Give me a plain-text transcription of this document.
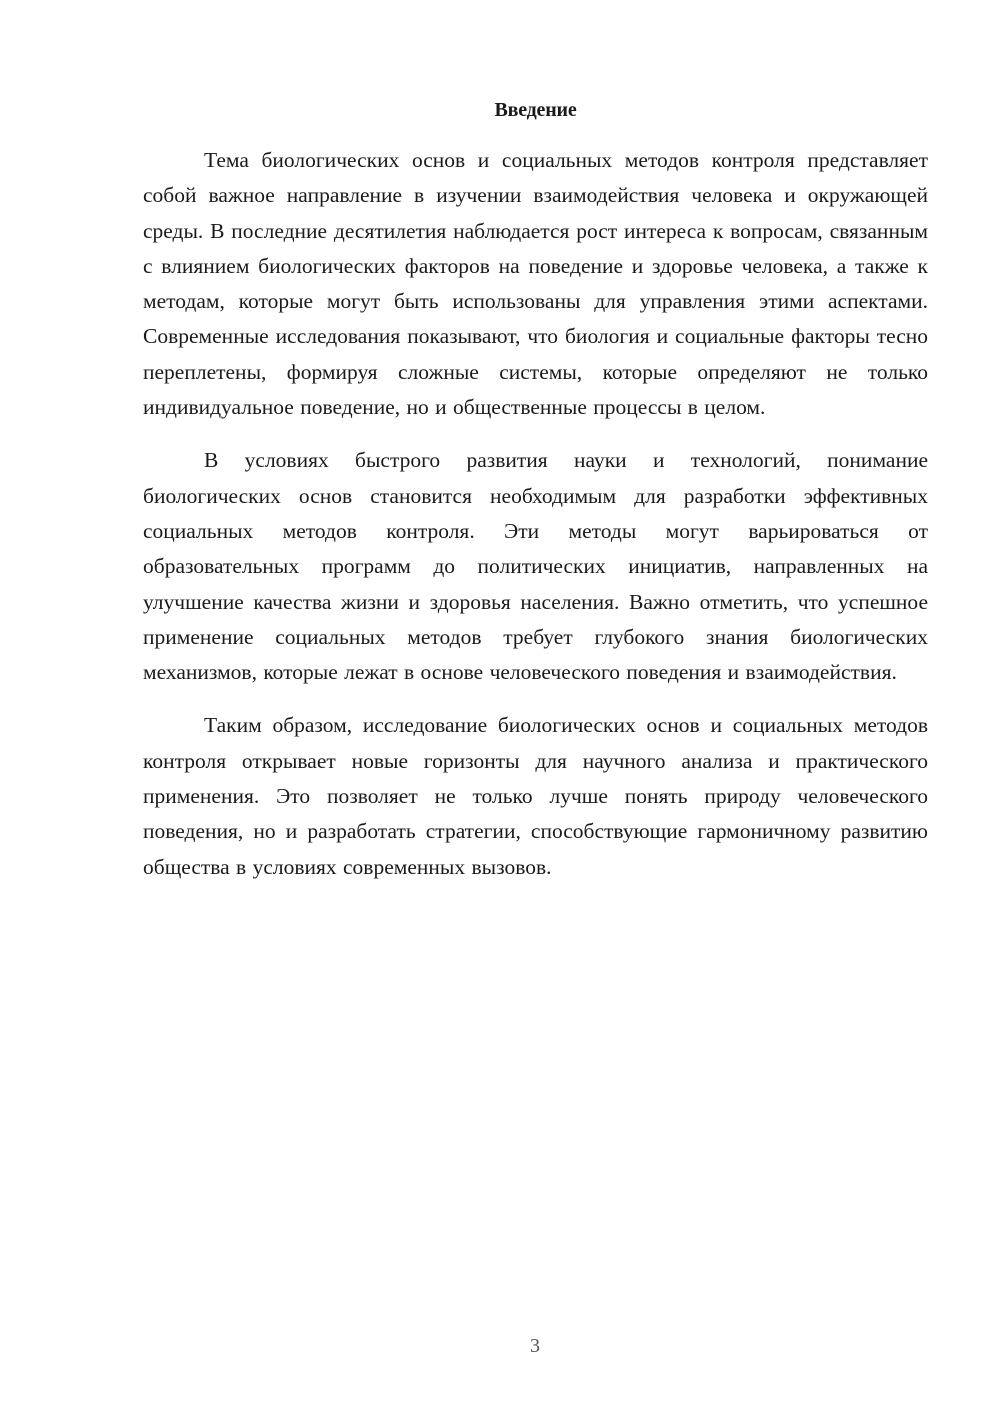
Введение

Тема биологических основ и социальных методов контроля представляет собой важное направление в изучении взаимодействия человека и окружающей среды. В последние десятилетия наблюдается рост интереса к вопросам, связанным с влиянием биологических факторов на поведение и здоровье человека, а также к методам, которые могут быть использованы для управления этими аспектами. Современные исследования показывают, что биология и социальные факторы тесно переплетены, формируя сложные системы, которые определяют не только индивидуальное поведение, но и общественные процессы в целом.

В условиях быстрого развития науки и технологий, понимание биологических основ становится необходимым для разработки эффективных социальных методов контроля. Эти методы могут варьироваться от образовательных программ до политических инициатив, направленных на улучшение качества жизни и здоровья населения. Важно отметить, что успешное применение социальных методов требует глубокого знания биологических механизмов, которые лежат в основе человеческого поведения и взаимодействия.

Таким образом, исследование биологических основ и социальных методов контроля открывает новые горизонты для научного анализа и практического применения. Это позволяет не только лучше понять природу человеческого поведения, но и разработать стратегии, способствующие гармоничному развитию общества в условиях современных вызовов.

3
